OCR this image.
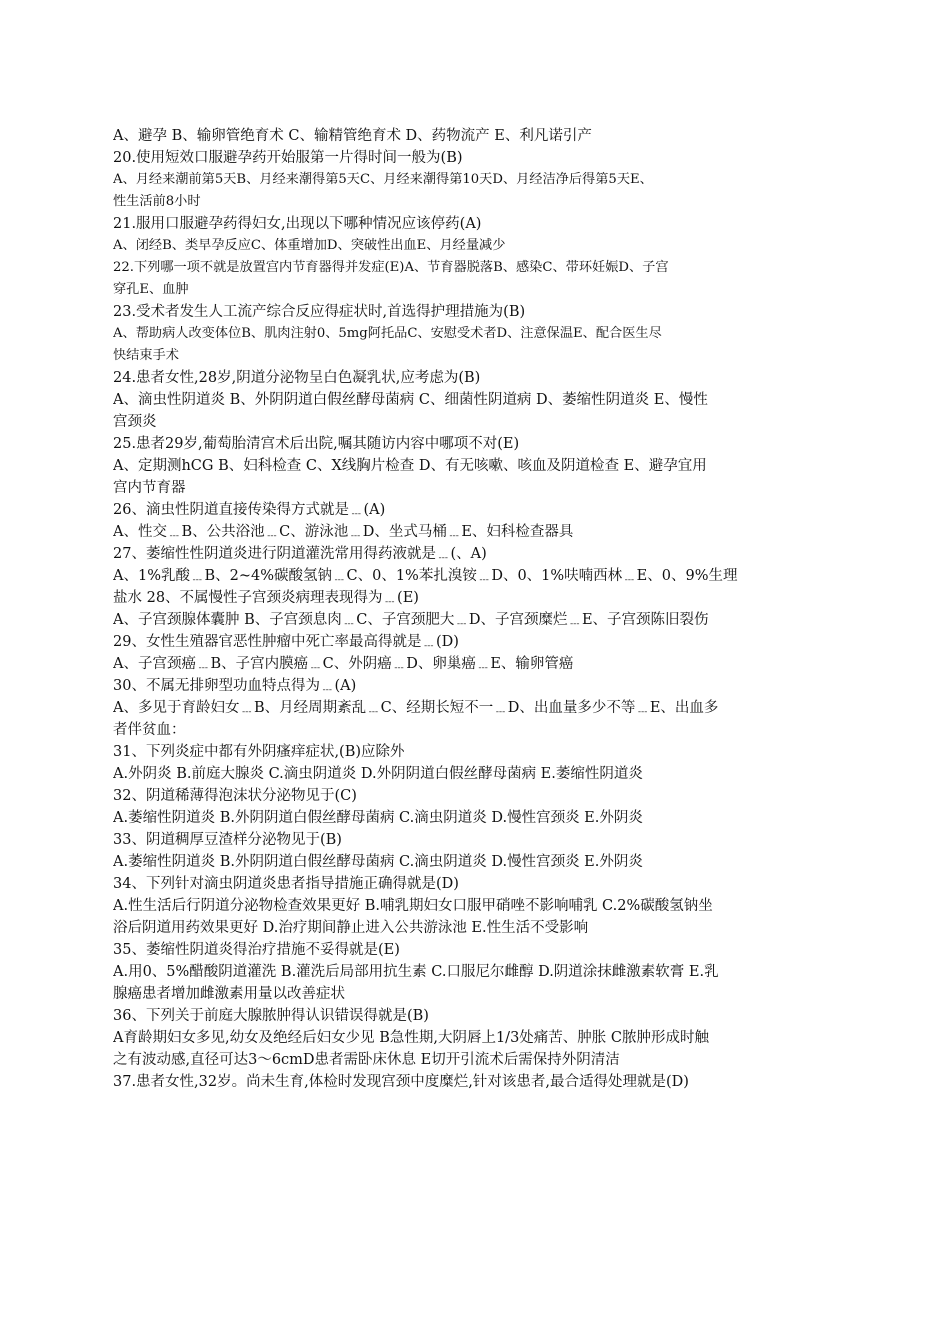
A、避孕 B、输卵管绝育术 C、输精管绝育术 D、药物流产 E、利凡诺引产
20.使用短效口服避孕药开始服第一片得时间一般为(B)
A、月经来潮前第5天B、月经来潮得第5天C、月经来潮得第10天D、月经洁净后得第5天E、
性生活前8小时
21.服用口服避孕药得妇女,出现以下哪种情况应该停药(A)
A、闭经B、类早孕反应C、体重增加D、突破性出血E、月经量减少
22.下列哪一项不就是放置宫内节育器得并发症(E)A、节育器脱落B、感染C、带环妊娠D、子宫
穿孔E、血肿
23.受术者发生人工流产综合反应得症状时,首选得护理措施为(B)
A、帮助病人改变体位B、肌肉注射0、5mg阿托品C、安慰受术者D、注意保温E、配合医生尽
快结束手术
24.患者女性,28岁,阴道分泌物呈白色凝乳状,应考虑为(B)
A、滴虫性阴道炎 B、外阴阴道白假丝酵母菌病 C、细菌性阴道病 D、萎缩性阴道炎 E、慢性
宫颈炎
25.患者29岁,葡萄胎清宫术后出院,嘱其随访内容中哪项不对(E)
A、定期测hCG B、妇科检查 C、X线胸片检查 D、有无咳嗽、咳血及阴道检查 E、避孕宜用
宫内节育器
26、滴虫性阴道直接传染得方式就是﹍(A)
A、性交﹍B、公共浴池﹍C、游泳池﹍D、坐式马桶﹍E、妇科检查器具
27、萎缩性性阴道炎进行阴道灌洗常用得药液就是﹍(、A)
A、1%乳酸﹍B、2~4%碳酸氢钠﹍C、0、1%苯扎溴铵﹍D、0、1%呋喃西林﹍E、0、9%生理
盐水 28、不属慢性子宫颈炎病理表现得为﹍(E)
A、子宫颈腺体囊肿 B、子宫颈息肉﹍C、子宫颈肥大﹍D、子宫颈糜烂﹍E、子宫颈陈旧裂伤
29、女性生殖器官恶性肿瘤中死亡率最高得就是﹍(D)
A、子宫颈癌﹍B、子宫内膜癌﹍C、外阴癌﹍D、卵巢癌﹍E、输卵管癌
30、不属无排卵型功血特点得为﹍(A)
A、多见于育龄妇女﹍B、月经周期紊乱﹍C、经期长短不一﹍D、出血量多少不等﹍E、出血多
者伴贫血：
31、下列炎症中都有外阴瘙痒症状,(B)应除外
A.外阴炎 B.前庭大腺炎 C.滴虫阴道炎 D.外阴阴道白假丝酵母菌病 E.萎缩性阴道炎
32、阴道稀薄得泡沫状分泌物见于(C)
A.萎缩性阴道炎 B.外阴阴道白假丝酵母菌病 C.滴虫阴道炎 D.慢性宫颈炎 E.外阴炎
33、阴道稠厚豆渣样分泌物见于(B)
A.萎缩性阴道炎 B.外阴阴道白假丝酵母菌病 C.滴虫阴道炎 D.慢性宫颈炎 E.外阴炎
34、下列针对滴虫阴道炎患者指导措施正确得就是(D)
A.性生活后行阴道分泌物检查效果更好 B.哺乳期妇女口服甲硝唑不影响哺乳 C.2%碳酸氢钠坐
浴后阴道用药效果更好 D.治疗期间静止进入公共游泳池 E.性生活不受影响
35、萎缩性阴道炎得治疗措施不妥得就是(E)
A.用0、5%醋酸阴道灌洗 B.灌洗后局部用抗生素 C.口服尼尔雌醇 D.阴道涂抹雌激素软膏 E.乳
腺癌患者增加雌激素用量以改善症状
36、下列关于前庭大腺脓肿得认识错误得就是(B)
A育龄期妇女多见,幼女及绝经后妇女少见 B急性期,大阴唇上1/3处痛苦、肿胀 C脓肿形成时触
之有波动感,直径可达3～6cmD患者需卧床休息 E切开引流术后需保持外阴清洁
37.患者女性,32岁。尚未生育,体检时发现宫颈中度糜烂,针对该患者,最合适得处理就是(D)
